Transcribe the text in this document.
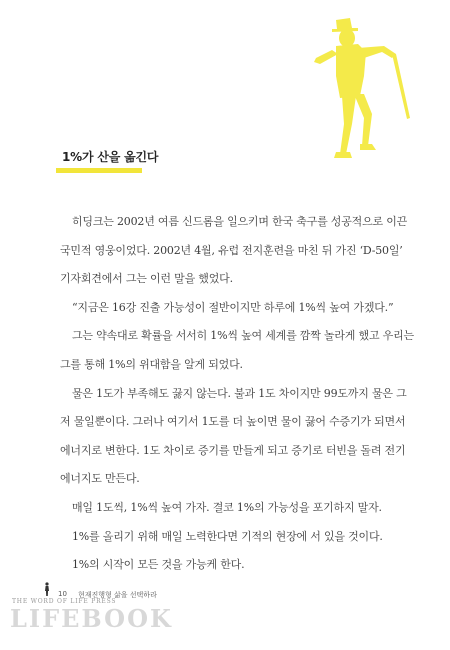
1%가 산을 옮긴다

히딩크는 2002년 여름 신드롬을 일으키며 한국 축구를 성공적으로 이끈
국민적 영웅이었다. 2002년 4월, 유럽 전지훈련을 마친 뒤 가진 ‘D-50일’
기자회견에서 그는 이런 말을 했었다.

“지금은 16강 진출 가능성이 절반이지만 하루에 1%씩 높여 가겠다.”

그는 약속대로 확률을 서서히 1%씩 높여 세계를 깜짝 놀라게 했고 우리는
그를 통해 1%의 위대함을 알게 되었다.

물은 1도가 부족해도 끓지 않는다. 불과 1도 차이지만 99도까지 물은 그
저 물일뿐이다. 그러나 여기서 1도를 더 높이면 물이 끓어 수증기가 되면서
에너지로 변한다. 1도 차이로 증기를 만들게 되고 증기로 터빈을 돌려 전기
에너지도 만든다.

매일 1도씩, 1%씩 높여 가자. 결코 1%의 가능성을 포기하지 말자.

1%를 올리기 위해 매일 노력한다면 기적의 현장에 서 있을 것이다.

1%의 시작이 모든 것을 가능케 한다.

10 현재진행형 삶을 선택하라
THE WORD OF LIFE PRESS
LIFEBOOK
